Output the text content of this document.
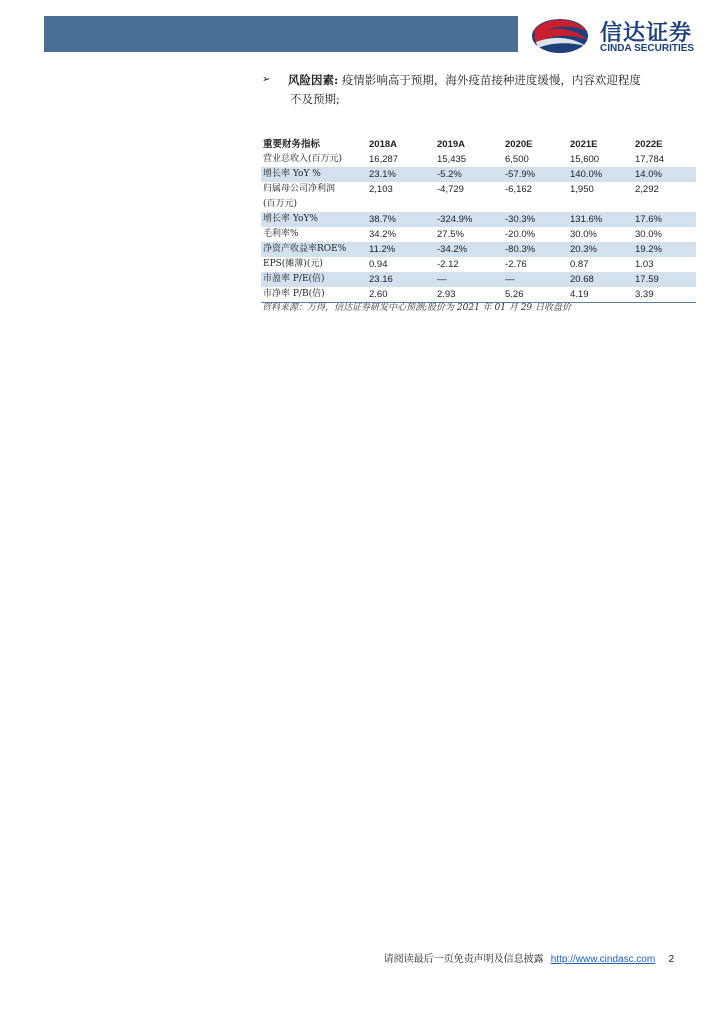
信达证券
CINDA SECURITIES
➢ 风险因素: 疫情影响高于预期，海外疫苗接种进度缓慢，内容欢迎程度
不及预期;
重要财务指标	2018A	2019A	2020E	2021E	2022E
营业总收入(百万元)	16,287	15,435	6,500	15,600	17,784
增长率 YoY %	23.1%	-5.2%	-57.9%	140.0%	14.0%
归属母公司净利润	2,103	-4,729	-6,162	1,950	2,292
(百万元)					
增长率 YoY%	38.7%	-324.9%	-30.3%	131.6%	17.6%
毛利率%	34.2%	27.5%	-20.0%	30.0%	30.0%
净资产收益率ROE%	11.2%	-34.2%	-80.3%	20.3%	19.2%
EPS(摊薄)(元)	0.94	-2.12	-2.76	0.87	1.03
市盈率 P/E(倍)	23.16	—	—	20.68	17.59
市净率 P/B(倍)	2.60	2.93	5.26	4.19	3.39
资料来源：万得，信达证券研发中心预测;股价为 2021 年 01 月 29 日收盘价
请阅读最后一页免责声明及信息披露 http://www.cindasc.com 2
